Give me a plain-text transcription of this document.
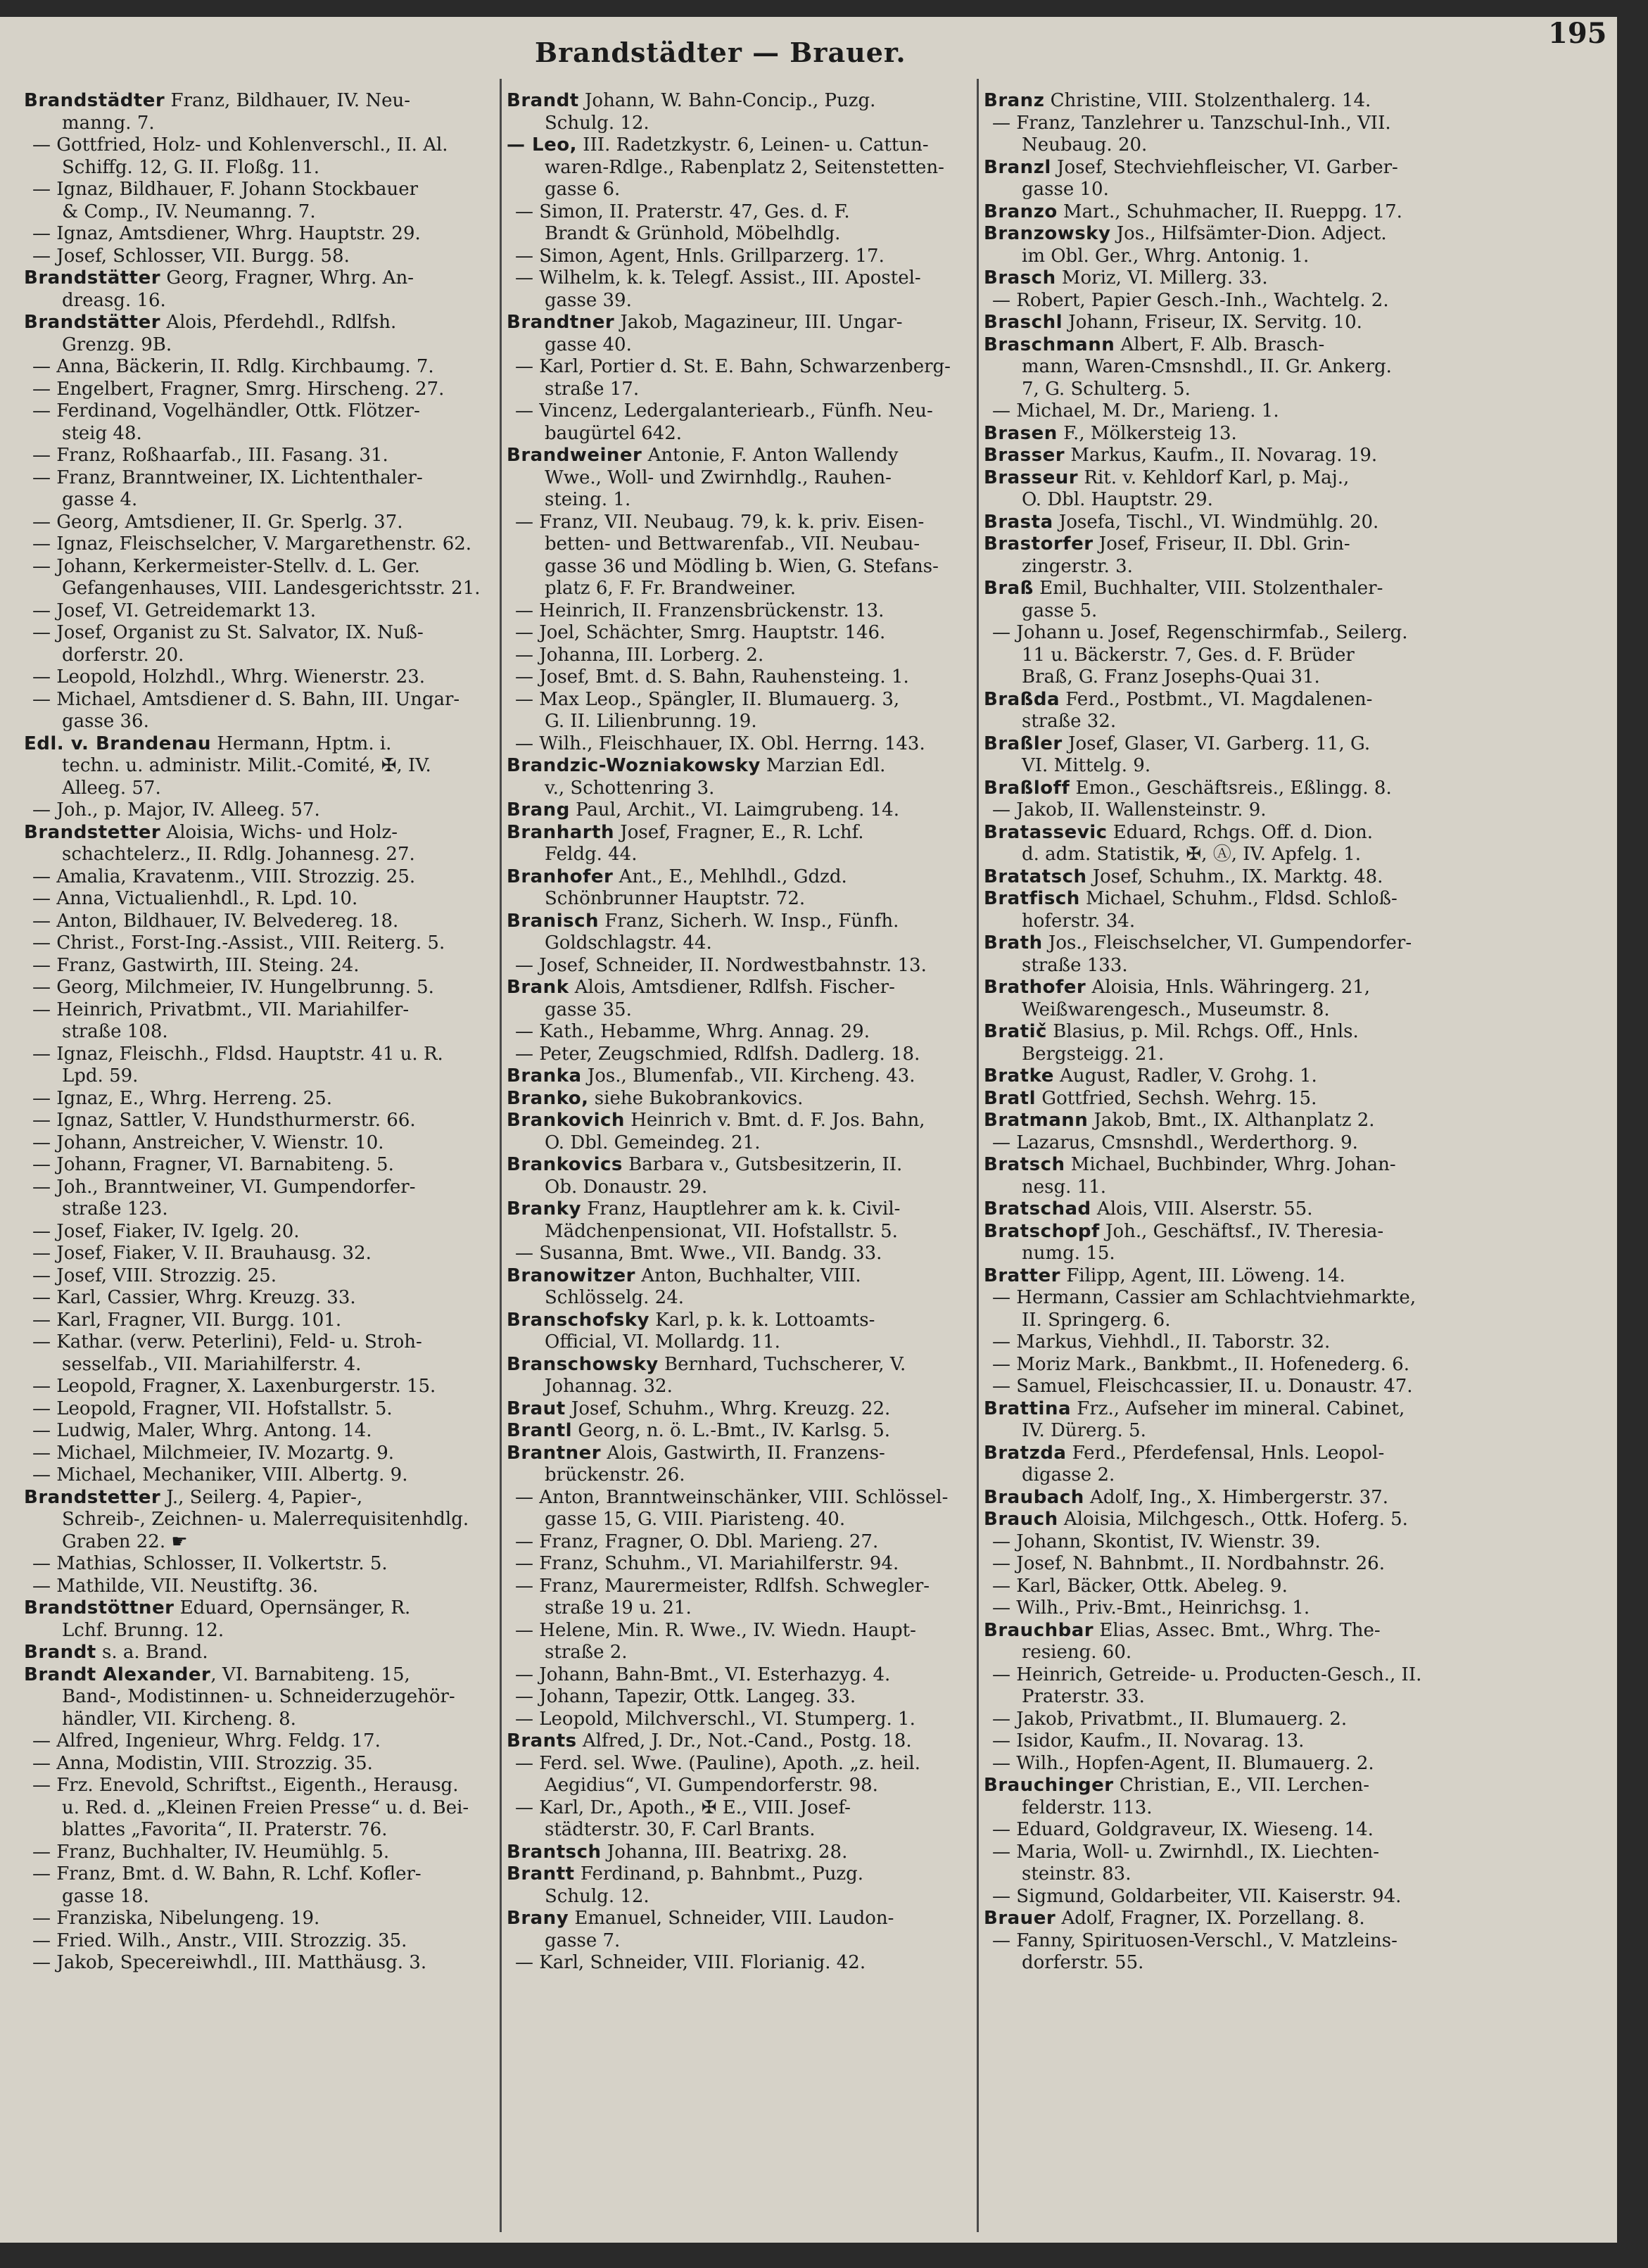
Brandstädter — Brauer.
195
Brandstädter Franz, Bildhauer, IV. Neu-
manng. 7.
— Gottfried, Holz- und Kohlenverschl., II. Al.
Schiffg. 12, G. II. Floßg. 11.
— Ignaz, Bildhauer, F. Johann Stockbauer
& Comp., IV. Neumanng. 7.
— Ignaz, Amtsdiener, Whrg. Hauptstr. 29.
— Josef, Schlosser, VII. Burgg. 58.
Brandstätter Georg, Fragner, Whrg. An-
dreasg. 16.
Brandstätter Alois, Pferdehdl., Rdlfsh.
Grenzg. 9B.
— Anna, Bäckerin, II. Rdlg. Kirchbaumg. 7.
— Engelbert, Fragner, Smrg. Hirscheng. 27.
— Ferdinand, Vogelhändler, Ottk. Flötzer-
steig 48.
— Franz, Roßhaarfab., III. Fasang. 31.
— Franz, Branntweiner, IX. Lichtenthaler-
gasse 4.
— Georg, Amtsdiener, II. Gr. Sperlg. 37.
— Ignaz, Fleischselcher, V. Margarethenstr. 62.
— Johann, Kerkermeister-Stellv. d. L. Ger.
Gefangenhauses, VIII. Landesgerichtsstr. 21.
— Josef, VI. Getreidemarkt 13.
— Josef, Organist zu St. Salvator, IX. Nuß-
dorferstr. 20.
— Leopold, Holzhdl., Whrg. Wienerstr. 23.
— Michael, Amtsdiener d. S. Bahn, III. Ungar-
gasse 36.
Edl. v. Brandenau Hermann, Hptm. i.
techn. u. administr. Milit.-Comité, ✠, IV.
Alleeg. 57.
— Joh., p. Major, IV. Alleeg. 57.
Brandstetter Aloisia, Wichs- und Holz-
schachtelerz., II. Rdlg. Johannesg. 27.
— Amalia, Kravatenm., VIII. Strozzig. 25.
— Anna, Victualienhdl., R. Lpd. 10.
— Anton, Bildhauer, IV. Belvedereg. 18.
— Christ., Forst-Ing.-Assist., VIII. Reiterg. 5.
— Franz, Gastwirth, III. Steing. 24.
— Georg, Milchmeier, IV. Hungelbrunng. 5.
— Heinrich, Privatbmt., VII. Mariahilfer-
straße 108.
— Ignaz, Fleischh., Fldsd. Hauptstr. 41 u. R.
Lpd. 59.
— Ignaz, E., Whrg. Herreng. 25.
— Ignaz, Sattler, V. Hundsthurmerstr. 66.
— Johann, Anstreicher, V. Wienstr. 10.
— Johann, Fragner, VI. Barnabiteng. 5.
— Joh., Branntweiner, VI. Gumpendorfer-
straße 123.
— Josef, Fiaker, IV. Igelg. 20.
— Josef, Fiaker, V. II. Brauhausg. 32.
— Josef, VIII. Strozzig. 25.
— Karl, Cassier, Whrg. Kreuzg. 33.
— Karl, Fragner, VII. Burgg. 101.
— Kathar. (verw. Peterlini), Feld- u. Stroh-
sesselfab., VII. Mariahilferstr. 4.
— Leopold, Fragner, X. Laxenburgerstr. 15.
— Leopold, Fragner, VII. Hofstallstr. 5.
— Ludwig, Maler, Whrg. Antong. 14.
— Michael, Milchmeier, IV. Mozartg. 9.
— Michael, Mechaniker, VIII. Albertg. 9.
Brandstetter J., Seilerg. 4, Papier-,
Schreib-, Zeichnen- u. Malerrequisitenhdlg.
Graben 22. ☛
— Mathias, Schlosser, II. Volkertstr. 5.
— Mathilde, VII. Neustiftg. 36.
Brandstöttner Eduard, Opernsänger, R.
Lchf. Brunng. 12.
Brandt s. a. Brand.
Brandt Alexander, VI. Barnabiteng. 15,
Band-, Modistinnen- u. Schneiderzugehör-
händler, VII. Kircheng. 8.
— Alfred, Ingenieur, Whrg. Feldg. 17.
— Anna, Modistin, VIII. Strozzig. 35.
— Frz. Enevold, Schriftst., Eigenth., Herausg.
u. Red. d. „Kleinen Freien Presse“ u. d. Bei-
blattes „Favorita“, II. Praterstr. 76.
— Franz, Buchhalter, IV. Heumühlg. 5.
— Franz, Bmt. d. W. Bahn, R. Lchf. Kofler-
gasse 18.
— Franziska, Nibelungeng. 19.
— Fried. Wilh., Anstr., VIII. Strozzig. 35.
— Jakob, Specereiwhdl., III. Matthäusg. 3.
Brandt Johann, W. Bahn-Concip., Puzg.
Schulg. 12.
— Leo, III. Radetzkystr. 6, Leinen- u. Cattun-
waren-Rdlge., Rabenplatz 2, Seitenstetten-
gasse 6.
— Simon, II. Praterstr. 47, Ges. d. F.
Brandt & Grünhold, Möbelhdlg.
— Simon, Agent, Hnls. Grillparzerg. 17.
— Wilhelm, k. k. Telegf. Assist., III. Apostel-
gasse 39.
Brandtner Jakob, Magazineur, III. Ungar-
gasse 40.
— Karl, Portier d. St. E. Bahn, Schwarzenberg-
straße 17.
— Vincenz, Ledergalanteriearb., Fünfh. Neu-
baugürtel 642.
Brandweiner Antonie, F. Anton Wallendy
Wwe., Woll- und Zwirnhdlg., Rauhen-
steing. 1.
— Franz, VII. Neubaug. 79, k. k. priv. Eisen-
betten- und Bettwarenfab., VII. Neubau-
gasse 36 und Mödling b. Wien, G. Stefans-
platz 6, F. Fr. Brandweiner.
— Heinrich, II. Franzensbrückenstr. 13.
— Joel, Schächter, Smrg. Hauptstr. 146.
— Johanna, III. Lorberg. 2.
— Josef, Bmt. d. S. Bahn, Rauhensteing. 1.
— Max Leop., Spängler, II. Blumauerg. 3,
G. II. Lilienbrunng. 19.
— Wilh., Fleischhauer, IX. Obl. Herrng. 143.
Brandzic-Wozniakowsky Marzian Edl.
v., Schottenring 3.
Brang Paul, Archit., VI. Laimgrubeng. 14.
Branharth Josef, Fragner, E., R. Lchf.
Feldg. 44.
Branhofer Ant., E., Mehlhdl., Gdzd.
Schönbrunner Hauptstr. 72.
Branisch Franz, Sicherh. W. Insp., Fünfh.
Goldschlagstr. 44.
— Josef, Schneider, II. Nordwestbahnstr. 13.
Brank Alois, Amtsdiener, Rdlfsh. Fischer-
gasse 35.
— Kath., Hebamme, Whrg. Annag. 29.
— Peter, Zeugschmied, Rdlfsh. Dadlerg. 18.
Branka Jos., Blumenfab., VII. Kircheng. 43.
Branko, siehe Bukobrankovics.
Brankovich Heinrich v. Bmt. d. F. Jos. Bahn,
O. Dbl. Gemeindeg. 21.
Brankovics Barbara v., Gutsbesitzerin, II.
Ob. Donaustr. 29.
Branky Franz, Hauptlehrer am k. k. Civil-
Mädchenpensionat, VII. Hofstallstr. 5.
— Susanna, Bmt. Wwe., VII. Bandg. 33.
Branowitzer Anton, Buchhalter, VIII.
Schlösselg. 24.
Branschofsky Karl, p. k. k. Lottoamts-
Official, VI. Mollardg. 11.
Branschowsky Bernhard, Tuchscherer, V.
Johannag. 32.
Braut Josef, Schuhm., Whrg. Kreuzg. 22.
Brantl Georg, n. ö. L.-Bmt., IV. Karlsg. 5.
Brantner Alois, Gastwirth, II. Franzens-
brückenstr. 26.
— Anton, Branntweinschänker, VIII. Schlössel-
gasse 15, G. VIII. Piaristeng. 40.
— Franz, Fragner, O. Dbl. Marieng. 27.
— Franz, Schuhm., VI. Mariahilferstr. 94.
— Franz, Maurermeister, Rdlfsh. Schwegler-
straße 19 u. 21.
— Helene, Min. R. Wwe., IV. Wiedn. Haupt-
straße 2.
— Johann, Bahn-Bmt., VI. Esterhazyg. 4.
— Johann, Tapezir, Ottk. Langeg. 33.
— Leopold, Milchverschl., VI. Stumperg. 1.
Brants Alfred, J. Dr., Not.-Cand., Postg. 18.
— Ferd. sel. Wwe. (Pauline), Apoth. „z. heil.
Aegidius“, VI. Gumpendorferstr. 98.
— Karl, Dr., Apoth., ✠ E., VIII. Josef-
städterstr. 30, F. Carl Brants.
Brantsch Johanna, III. Beatrixg. 28.
Brantt Ferdinand, p. Bahnbmt., Puzg.
Schulg. 12.
Brany Emanuel, Schneider, VIII. Laudon-
gasse 7.
— Karl, Schneider, VIII. Florianig. 42.
Branz Christine, VIII. Stolzenthalerg. 14.
— Franz, Tanzlehrer u. Tanzschul-Inh., VII.
Neubaug. 20.
Branzl Josef, Stechviehfleischer, VI. Garber-
gasse 10.
Branzo Mart., Schuhmacher, II. Rueppg. 17.
Branzowsky Jos., Hilfsämter-Dion. Adject.
im Obl. Ger., Whrg. Antonig. 1.
Brasch Moriz, VI. Millerg. 33.
— Robert, Papier Gesch.-Inh., Wachtelg. 2.
Braschl Johann, Friseur, IX. Servitg. 10.
Braschmann Albert, F. Alb. Brasch-
mann, Waren-Cmsnshdl., II. Gr. Ankerg.
7, G. Schulterg. 5.
— Michael, M. Dr., Marieng. 1.
Brasen F., Mölkersteig 13.
Brasser Markus, Kaufm., II. Novarag. 19.
Brasseur Rit. v. Kehldorf Karl, p. Maj.,
O. Dbl. Hauptstr. 29.
Brasta Josefa, Tischl., VI. Windmühlg. 20.
Brastorfer Josef, Friseur, II. Dbl. Grin-
zingerstr. 3.
Braß Emil, Buchhalter, VIII. Stolzenthaler-
gasse 5.
— Johann u. Josef, Regenschirmfab., Seilerg.
11 u. Bäckerstr. 7, Ges. d. F. Brüder
Braß, G. Franz Josephs-Quai 31.
Braßda Ferd., Postbmt., VI. Magdalenen-
straße 32.
Braßler Josef, Glaser, VI. Garberg. 11, G.
VI. Mittelg. 9.
Braßloff Emon., Geschäftsreis., Eßlingg. 8.
— Jakob, II. Wallensteinstr. 9.
Bratassevic Eduard, Rchgs. Off. d. Dion.
d. adm. Statistik, ✠, Ⓐ, IV. Apfelg. 1.
Bratatsch Josef, Schuhm., IX. Marktg. 48.
Bratfisch Michael, Schuhm., Fldsd. Schloß-
hoferstr. 34.
Brath Jos., Fleischselcher, VI. Gumpendorfer-
straße 133.
Brathofer Aloisia, Hnls. Währingerg. 21,
Weißwarengesch., Museumstr. 8.
Bratič Blasius, p. Mil. Rchgs. Off., Hnls.
Bergsteigg. 21.
Bratke August, Radler, V. Grohg. 1.
Bratl Gottfried, Sechsh. Wehrg. 15.
Bratmann Jakob, Bmt., IX. Althanplatz 2.
— Lazarus, Cmsnshdl., Werderthorg. 9.
Bratsch Michael, Buchbinder, Whrg. Johan-
nesg. 11.
Bratschad Alois, VIII. Alserstr. 55.
Bratschopf Joh., Geschäftsf., IV. Theresia-
numg. 15.
Bratter Filipp, Agent, III. Löweng. 14.
— Hermann, Cassier am Schlachtviehmarkte,
II. Springerg. 6.
— Markus, Viehhdl., II. Taborstr. 32.
— Moriz Mark., Bankbmt., II. Hofenederg. 6.
— Samuel, Fleischcassier, II. u. Donaustr. 47.
Brattina Frz., Aufseher im mineral. Cabinet,
IV. Dürerg. 5.
Bratzda Ferd., Pferdefensal, Hnls. Leopol-
digasse 2.
Braubach Adolf, Ing., X. Himbergerstr. 37.
Brauch Aloisia, Milchgesch., Ottk. Hoferg. 5.
— Johann, Skontist, IV. Wienstr. 39.
— Josef, N. Bahnbmt., II. Nordbahnstr. 26.
— Karl, Bäcker, Ottk. Abeleg. 9.
— Wilh., Priv.-Bmt., Heinrichsg. 1.
Brauchbar Elias, Assec. Bmt., Whrg. The-
resieng. 60.
— Heinrich, Getreide- u. Producten-Gesch., II.
Praterstr. 33.
— Jakob, Privatbmt., II. Blumauerg. 2.
— Isidor, Kaufm., II. Novarag. 13.
— Wilh., Hopfen-Agent, II. Blumauerg. 2.
Brauchinger Christian, E., VII. Lerchen-
felderstr. 113.
— Eduard, Goldgraveur, IX. Wieseng. 14.
— Maria, Woll- u. Zwirnhdl., IX. Liechten-
steinstr. 83.
— Sigmund, Goldarbeiter, VII. Kaiserstr. 94.
Brauer Adolf, Fragner, IX. Porzellang. 8.
— Fanny, Spirituosen-Verschl., V. Matzleins-
dorferstr. 55.
